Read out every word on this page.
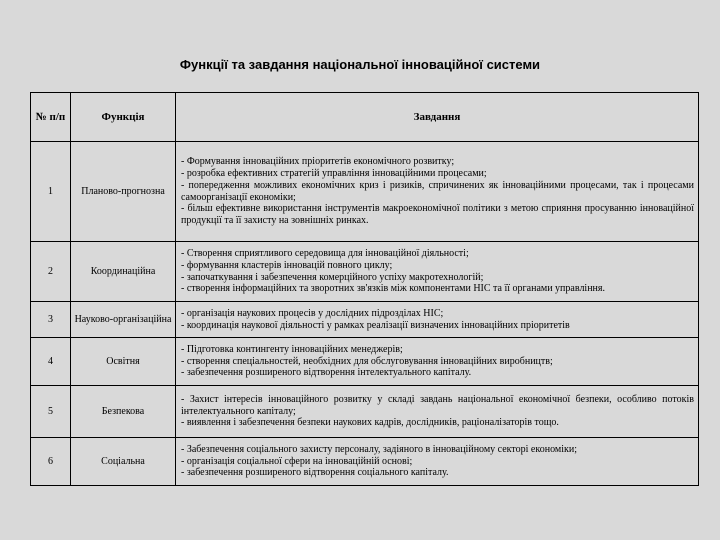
Функції та завдання національної інноваційної системи
№ п/п	Функція	Завдання
1	Планово-прогнозна	- Формування інноваційних пріоритетів економічного розвитку;
- розробка ефективних стратегій управління інноваційними процесами;
- попередження можливих економічних криз і ризиків, спричинених як інноваційними процесами, так і процесами самоорганізації економіки;
- більш ефективне використання інструментів макроекономічної політики з метою сприяння просуванню інноваційної продукції та її захисту на зовнішніх ринках.

2	Координаційна	- Створення сприятливого середовища для інноваційної діяльності;
- формування кластерів інновацій повного циклу;
- започаткування і забезпечення комерційного успіху макротехнологій;
- створення інформаційних та зворотних зв'язків між компонентами НІС та її органами управління.

3	Науково-організаційна	- організація наукових процесів у дослідних підрозділах НІС;
- координація наукової діяльності у рамках реалізації визначених інноваційних пріоритетів

4	Освітня	- Підготовка контингенту інноваційних менеджерів;
- створення спеціальностей, необхідних для обслуговування інноваційних виробництв;
- забезпечення розширеного відтворення інтелектуального капіталу.

5	Безпекова	- Захист інтересів інноваційного розвитку у складі завдань національної економічної безпеки, особливо потоків інтелектуального капіталу;
- виявлення і забезпечення безпеки наукових кадрів, дослідників, раціоналізаторів тощо.

6	Соціальна	- Забезпечення соціального захисту персоналу, задіяного в інноваційному секторі економіки;
- організація соціальної сфери на інноваційній основі;
- забезпечення розширеного відтворення соціального капіталу.
